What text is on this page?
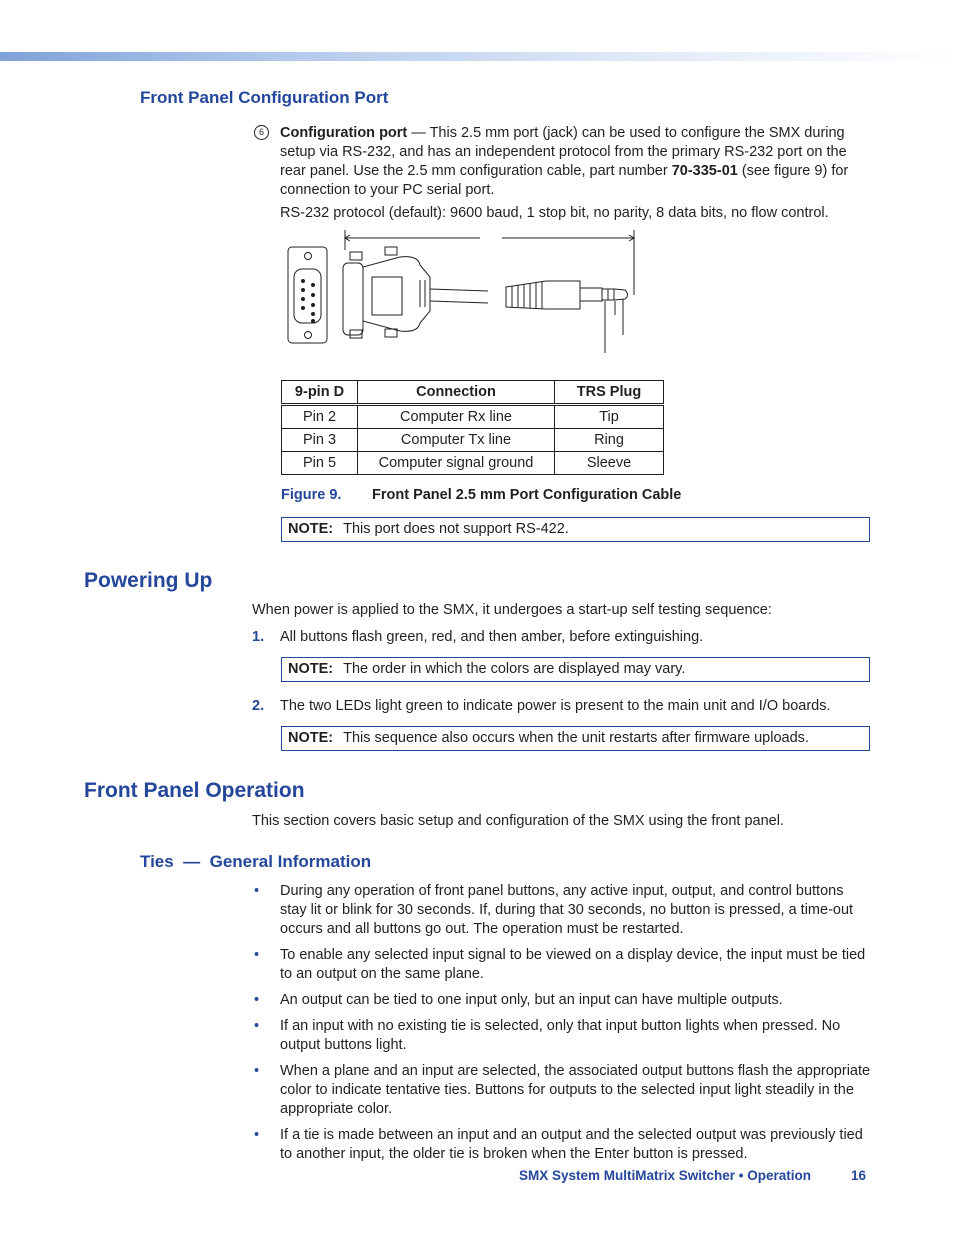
Front Panel Configuration Port
6	Configuration port — This 2.5 mm port (jack) can be used to configure the SMX during setup via RS-232, and has an independent protocol from the primary RS-232 port on the rear panel. Use the 2.5 mm configuration cable, part number 70-335-01 (see figure 9) for connection to your PC serial port.
RS-232 protocol (default): 9600 baud, 1 stop bit, no parity, 8 data bits, no flow control.
9-pin D	Connection	TRS Plug
Pin 2	Computer Rx line	Tip
Pin 3	Computer Tx line	Ring
Pin 5	Computer signal ground	Sleeve
Figure 9. Front Panel 2.5 mm Port Configuration Cable
NOTE: This port does not support RS-422.
Powering Up
When power is applied to the SMX, it undergoes a start-up self testing sequence:
1. All buttons flash green, red, and then amber, before extinguishing.
NOTE: The order in which the colors are displayed may vary.
2. The two LEDs light green to indicate power is present to the main unit and I/O boards.
NOTE: This sequence also occurs when the unit restarts after firmware uploads.
Front Panel Operation
This section covers basic setup and configuration of the SMX using the front panel.
Ties  —  General Information
• During any operation of front panel buttons, any active input, output, and control buttons stay lit or blink for 30 seconds. If, during that 30 seconds, no button is pressed, a time-out occurs and all buttons go out. The operation must be restarted.
• To enable any selected input signal to be viewed on a display device, the input must be tied to an output on the same plane.
• An output can be tied to one input only, but an input can have multiple outputs.
• If an input with no existing tie is selected, only that input button lights when pressed. No output buttons light.
• When a plane and an input are selected, the associated output buttons flash the appropriate color to indicate tentative ties. Buttons for outputs to the selected input light steadily in the appropriate color.
• If a tie is made between an input and an output and the selected output was previously tied to another input, the older tie is broken when the Enter button is pressed.
SMX System MultiMatrix Switcher • Operation	16
